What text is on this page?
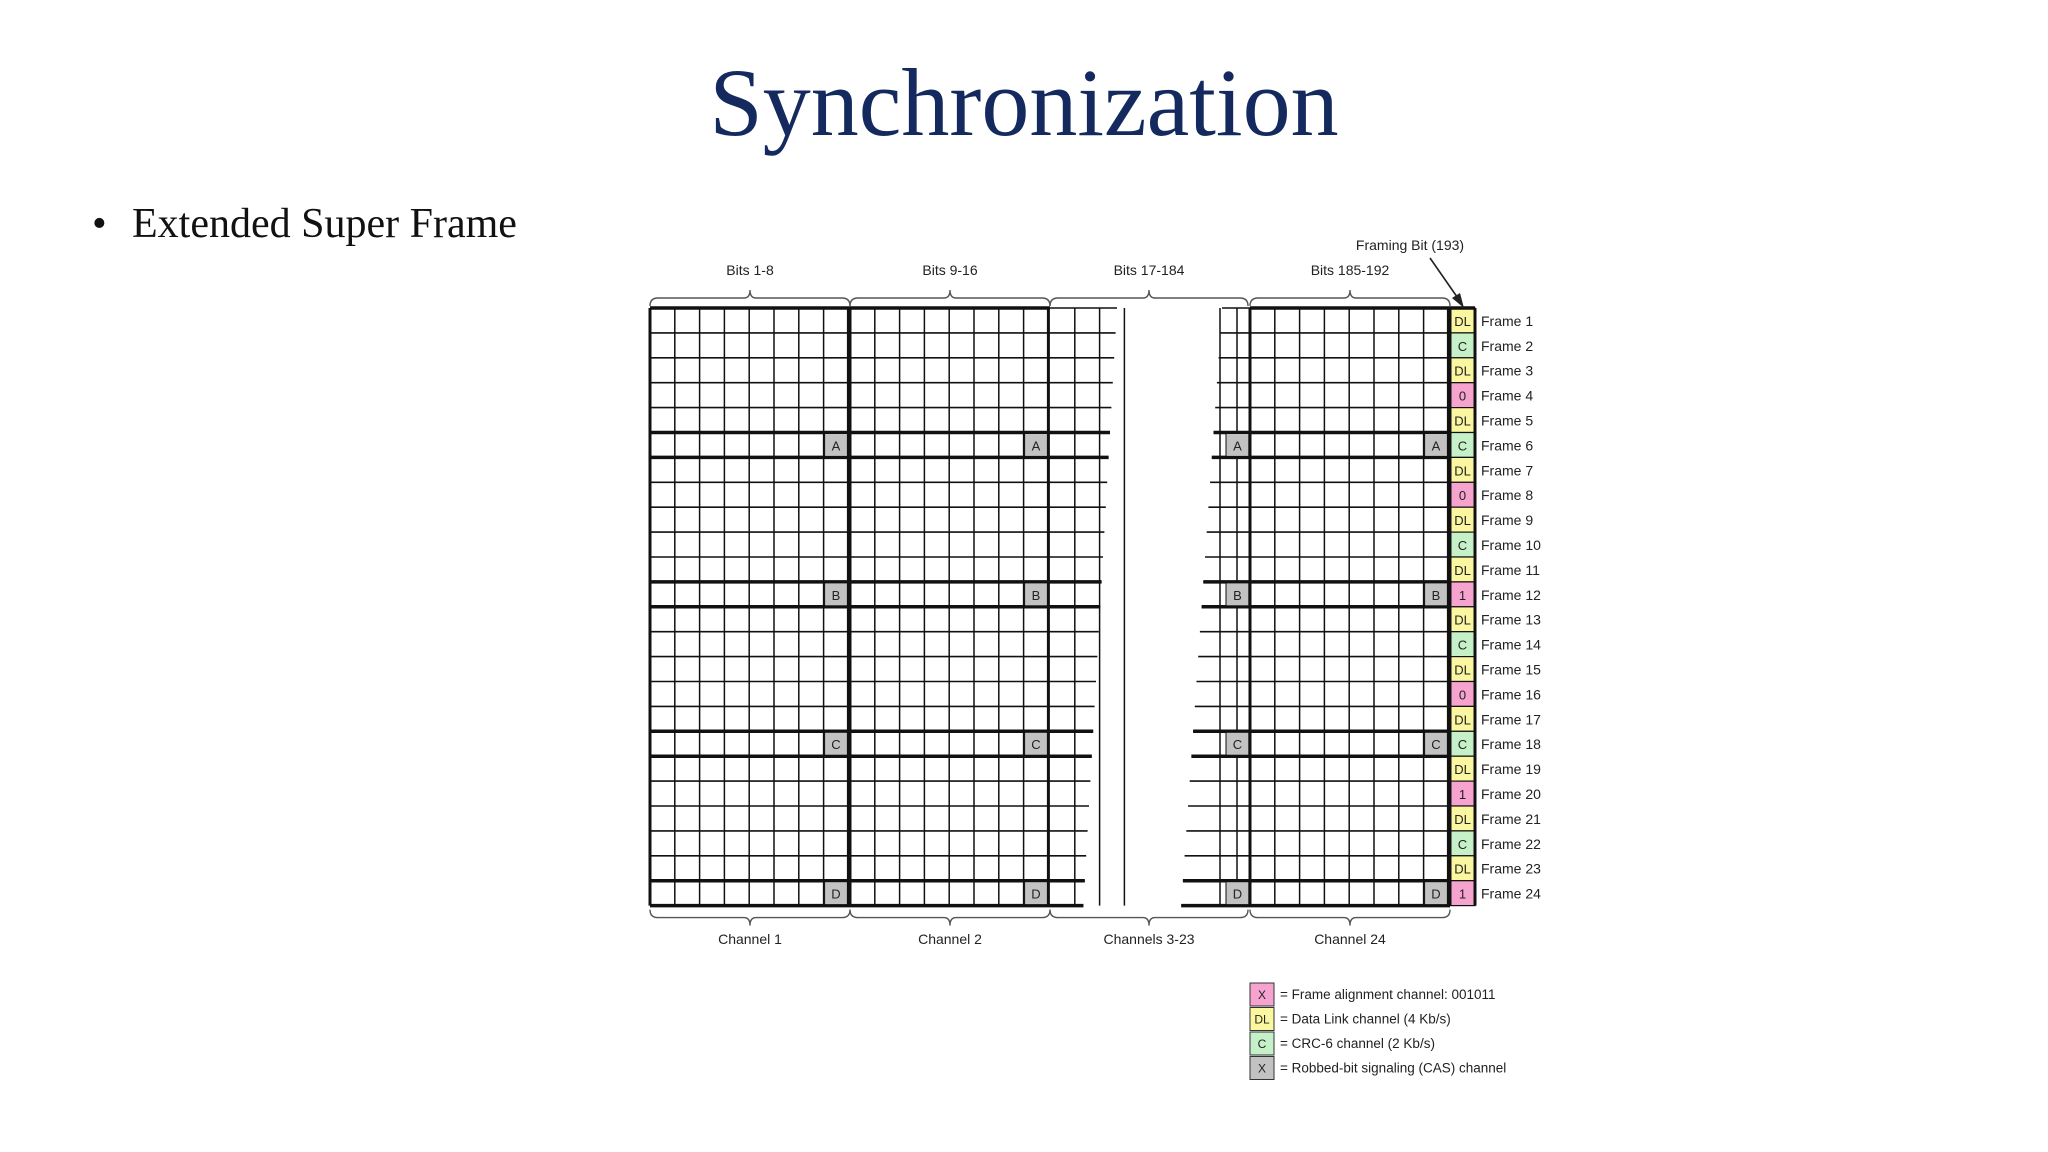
Synchronization
• Extended Super Frame
DL Frame 1
C Frame 2
DL Frame 3
0 Frame 4
DL Frame 5
C Frame 6
DL Frame 7
0 Frame 8
DL Frame 9
C Frame 10
DL Frame 11
1 Frame 12
DL Frame 13
C Frame 14
DL Frame 15
0 Frame 16
DL Frame 17
C Frame 18
DL Frame 19
1 Frame 20
DL Frame 21
C Frame 22
DL Frame 23
1 Frame 24
A	A	A	A
B	B	B	B
C	C	C	C
D	D	D	D
Bits 1-8
Channel 1
Bits 9-16
Channel 2
Bits 17-184
Channels 3-23
Bits 185-192
Channel 24
Framing Bit (193)
X = Frame alignment channel: 001011
DL = Data Link channel (4 Kb/s)
C = CRC-6 channel (2 Kb/s)
X = Robbed-bit signaling (CAS) channel
